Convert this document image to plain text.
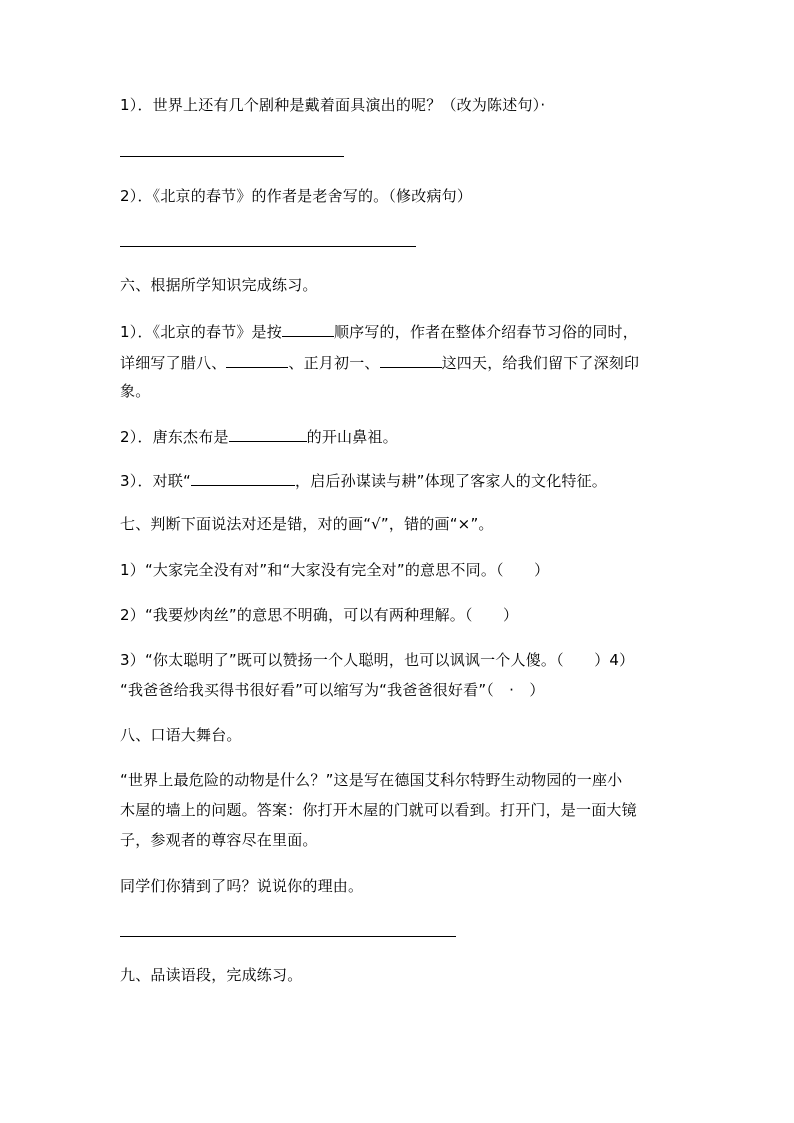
1）．世界上还有几个剧种是戴着面具演出的呢？（改为陈述句）·
2）．《北京的春节》的作者是老舍写的。（修改病句）
六、根据所学知识完成练习。
1）．《北京的春节》是按	顺序写的，作者在整体介绍春节习俗的同时，
详细写了腊八、	、正月初一、	这四天，给我们留下了深刻印
象。
2）．唐东杰布是	的开山鼻祖。
3）．对联“	，启后孙谋读与耕”体现了客家人的文化特征。
七、判断下面说法对还是错，对的画“√”，错的画“×”。
1）“大家完全没有对”和“大家没有完全对”的意思不同。（　　）
2）“我要炒肉丝”的意思不明确，可以有两种理解。（　　）
3）“你太聪明了”既可以赞扬一个人聪明，也可以讽讽一个人傻。（　　）4）
“我爸爸给我买得书很好看”可以缩写为“我爸爸很好看”（　·　）
八、口语大舞台。
“世界上最危险的动物是什么？”这是写在德国艾科尔特野生动物园的一座小
木屋的墙上的问题。答案：你打开木屋的门就可以看到。打开门，是一面大镜
子，参观者的尊容尽在里面。
同学们你猜到了吗？说说你的理由。
九、品读语段，完成练习。
